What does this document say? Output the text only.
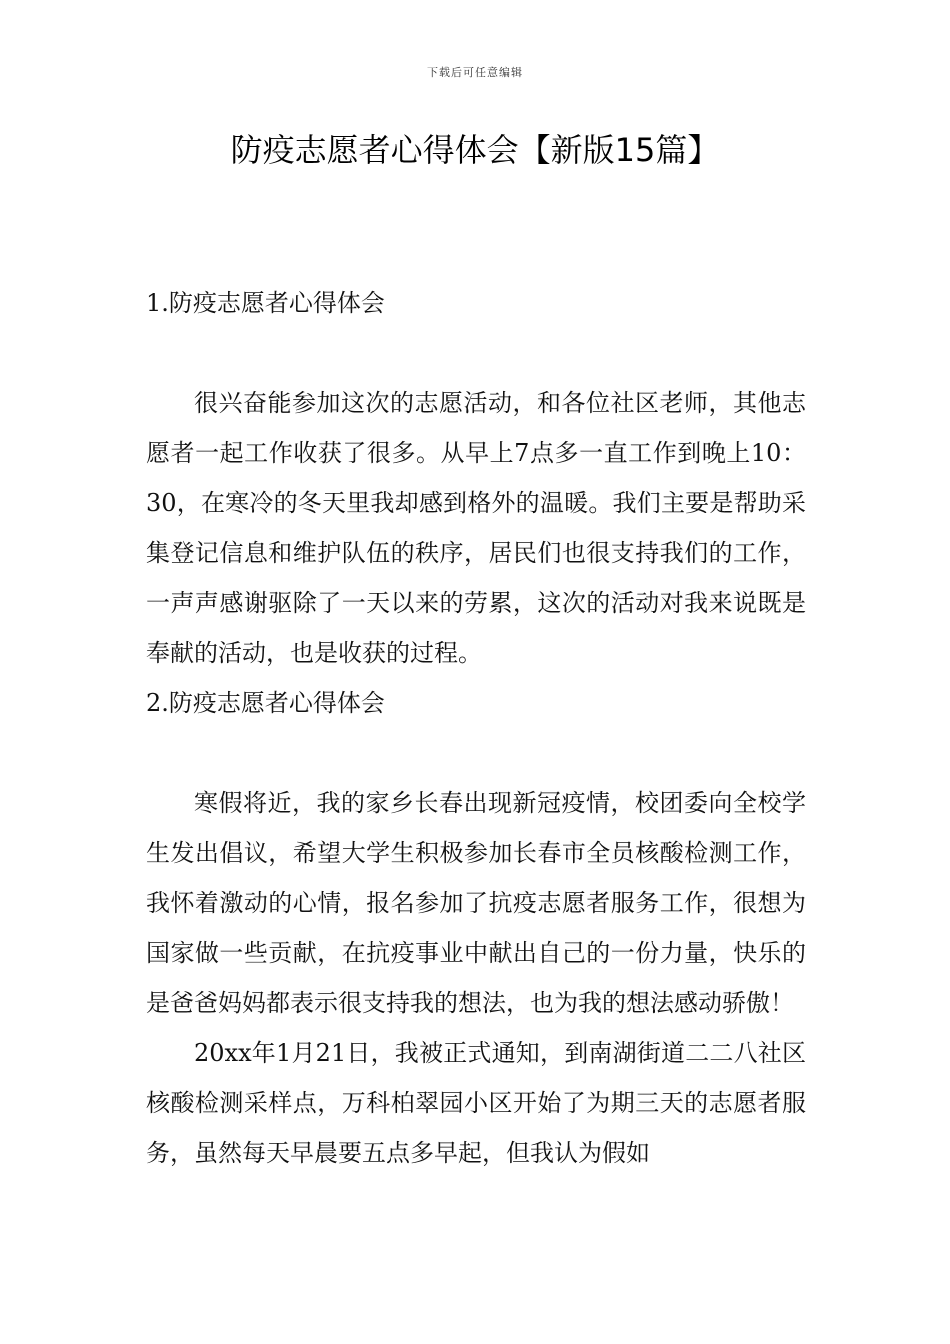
下载后可任意编辑
防疫志愿者心得体会【新版15篇】
1.防疫志愿者心得体会

很兴奋能参加这次的志愿活动，和各位社区老师，其他志愿者一起工作收获了很多。从早上7点多一直工作到晚上10：30，在寒冷的冬天里我却感到格外的温暖。我们主要是帮助采集登记信息和维护队伍的秩序，居民们也很支持我们的工作，一声声感谢驱除了一天以来的劳累，这次的活动对我来说既是奉献的活动，也是收获的过程。

2.防疫志愿者心得体会

寒假将近，我的家乡长春出现新冠疫情，校团委向全校学生发出倡议，希望大学生积极参加长春市全员核酸检测工作，我怀着激动的心情，报名参加了抗疫志愿者服务工作，很想为国家做一些贡献，在抗疫事业中献出自己的一份力量，快乐的是爸爸妈妈都表示很支持我的想法，也为我的想法感动骄傲！

20xx年1月21日，我被正式通知，到南湖街道二二八社区核酸检测采样点，万科柏翠园小区开始了为期三天的志愿者服务，虽然每天早晨要五点多早起，但我认为假如
